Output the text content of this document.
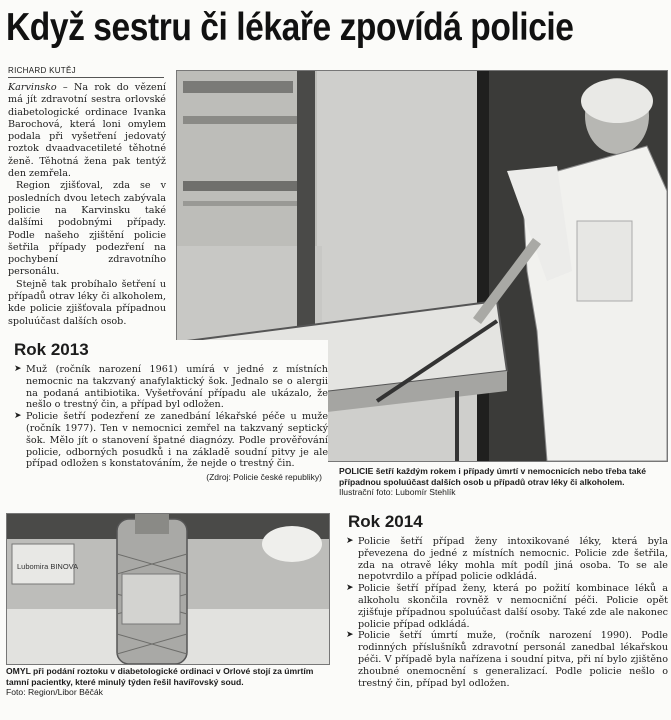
Když sestru či lékaře zpovídá policie
RICHARD KUTĚJ

Karvinsko – Na rok do vězení má jít zdravotní sestra orlovské diabetologické ordinace Ivanka Barochová, která loni omylem podala při vyšetření jedovatý roztok dvaadvacetileté těhotné ženě. Těhotná žena pak tentýž den zemřela.

Region zjišťoval, zda se v posledních dvou letech zabývala policie na Karvinsku také dalšími podobnými případy. Podle našeho zjištění policie šetřila případy podezření na pochybení zdravotního personálu.

Stejně tak probíhalo šetření u případů otrav léky či alkoholem, kde policie zjišťovala případnou spoluúčast dalších osob.

POLICIE šetří každým rokem i případy úmrtí v nemocnicích nebo třeba také případnou spoluúčast dalších osob u případů otrav léky či alkoholem.
Ilustrační foto: Lubomír Stehlík
Rok 2013
➤ Muž (ročník narození 1961) umírá v jedné z místních nemocnic na takzvaný anafylaktický šok. Jednalo se o alergii na podaná antibiotika. Vyšetřování případu ale ukázalo, že nešlo o trestný čin, a případ byl odložen.
➤ Policie šetří podezření ze zanedbání lékařské péče u muže (ročník 1977). Ten v nemocnici zemřel na takzvaný septický šok. Mělo jít o stanovení špatné diagnózy. Podle prověřování policie, odborných posudků i na základě soudní pitvy je ale případ odložen s konstatováním, že nejde o trestný čin.
(Zdroj: Policie české republiky)
Lubomira BINOVA
OMYL při podání roztoku v diabetologické ordinaci v Orlové stojí za úmrtím tamní pacientky, které minulý týden řešil havířovský soud.
Foto: Region/Libor Běčák
Rok 2014
➤ Policie šetří případ ženy intoxikované léky, která byla převezena do jedné z místních nemocnic. Policie zde šetřila, zda na otravě léky mohla mít podíl jiná osoba. To se ale nepotvrdilo a případ policie odkládá.
➤ Policie šetří případ ženy, která po požití kombinace léků a alkoholu skončila rovněž v nemocniční péči. Policie opět zjišťuje případnou spoluúčast další osoby. Také zde ale nakonec policie případ odkládá.
➤ Policie šetří úmrtí muže, (ročník narození 1990). Podle rodinných příslušníků zdravotní personál zanedbal lékařskou péči. V případě byla nařízena i soudní pitva, při ní bylo zjištěno zhoubné onemocnění s generalizací. Podle policie nešlo o trestný čin, případ byl odložen.
